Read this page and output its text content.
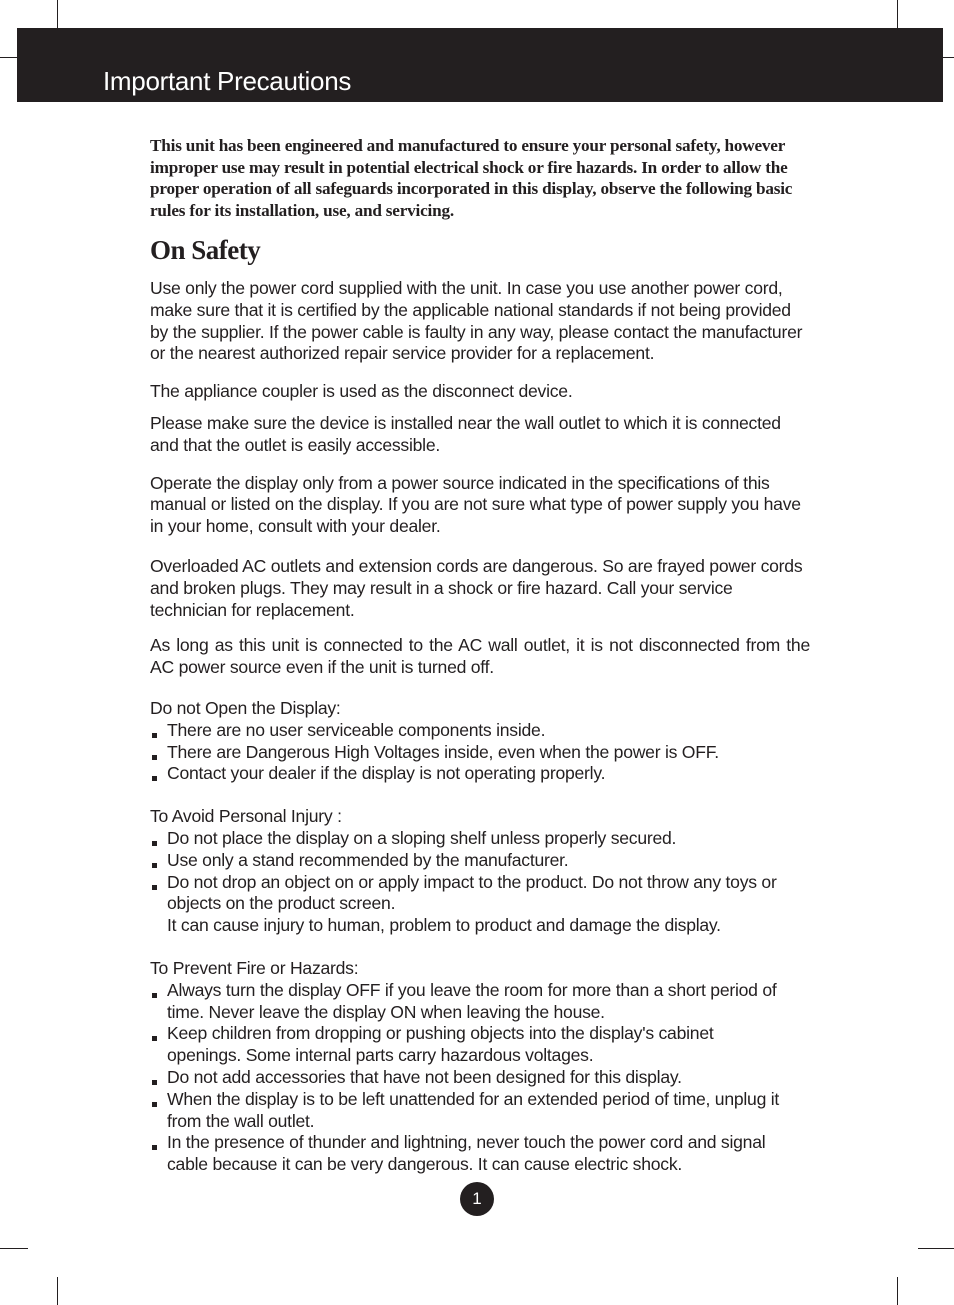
Important Precautions

This unit has been engineered and manufactured to ensure your personal safety, however improper use may result in potential electrical shock or fire hazards. In order to allow the proper operation of all safeguards incorporated in this display, observe the following basic rules for its installation, use, and servicing.

On Safety

Use only the power cord supplied with the unit. In case you use another power cord, make sure that it is certified by the applicable national standards if not being provided by the supplier. If the power cable is faulty in any way, please contact the manufacturer or the nearest authorized repair service provider for a replacement.

The appliance coupler is used as the disconnect device.

Please make sure the device is installed near the wall outlet to which it is connected and that the outlet is easily accessible.

Operate the display only from a power source indicated in the specifications of this manual or listed on the display. If you are not sure what type of power supply you have in your home, consult with your dealer.

Overloaded AC outlets and extension cords are dangerous. So are frayed power cords and broken plugs. They may result in a shock or fire hazard. Call your service technician for replacement.

As long as this unit is connected to the AC wall outlet, it is not disconnected from the AC power source even if the unit is turned off.

Do not Open the Display:
There are no user serviceable components inside.
There are Dangerous High Voltages inside, even when the power is OFF.
Contact your dealer if the display is not operating properly.
To Avoid Personal Injury :
Do not place the display on a sloping shelf unless properly secured.
Use only a stand recommended by the manufacturer.
Do not drop an object on or apply impact to the product. Do not throw any toys or objects on the product screen.
It can cause injury to human, problem to product and damage the display.
To Prevent Fire or Hazards:
Always turn the display OFF if you leave the room for more than a short period of time. Never leave the display ON when leaving the house.
Keep children from dropping or pushing objects into the display's cabinet openings. Some internal parts carry hazardous voltages.
Do not add accessories that have not been designed for this display.
When the display is to be left unattended for an extended period of time, unplug it from the wall outlet.
In the presence of thunder and lightning, never touch the power cord and signal cable because it can be very dangerous. It can cause electric shock.
1
